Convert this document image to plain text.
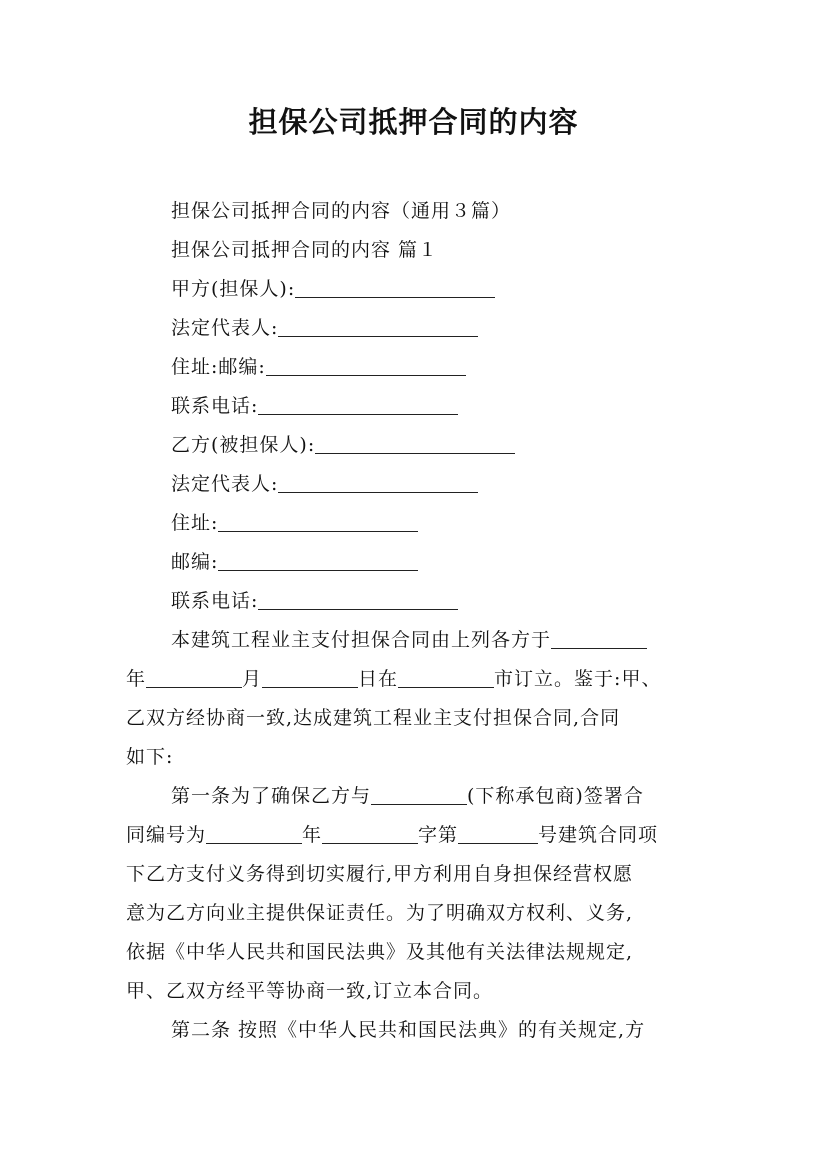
担保公司抵押合同的内容
担保公司抵押合同的内容（通用３篇）
担保公司抵押合同的内容 篇１
甲方(担保人):
法定代表人:
住址:邮编:
联系电话:
乙方(被担保人):
法定代表人:
住址:
邮编:
联系电话:
本建筑工程业主支付担保合同由上列各方于
年	月	日在	市订立。鉴于:甲、
乙双方经协商一致,达成建筑工程业主支付担保合同,合同
如下:
第一条为了确保乙方与	(下称承包商)签署合
同编号为	年	字第	号建筑合同项
下乙方支付义务得到切实履行,甲方利用自身担保经营权愿
意为乙方向业主提供保证责任。为了明确双方权利、义务,
依据《中华人民共和国民法典》及其他有关法律法规规定,
甲、乙双方经平等协商一致,订立本合同。
第二条 按照《中华人民共和国民法典》的有关规定,方
